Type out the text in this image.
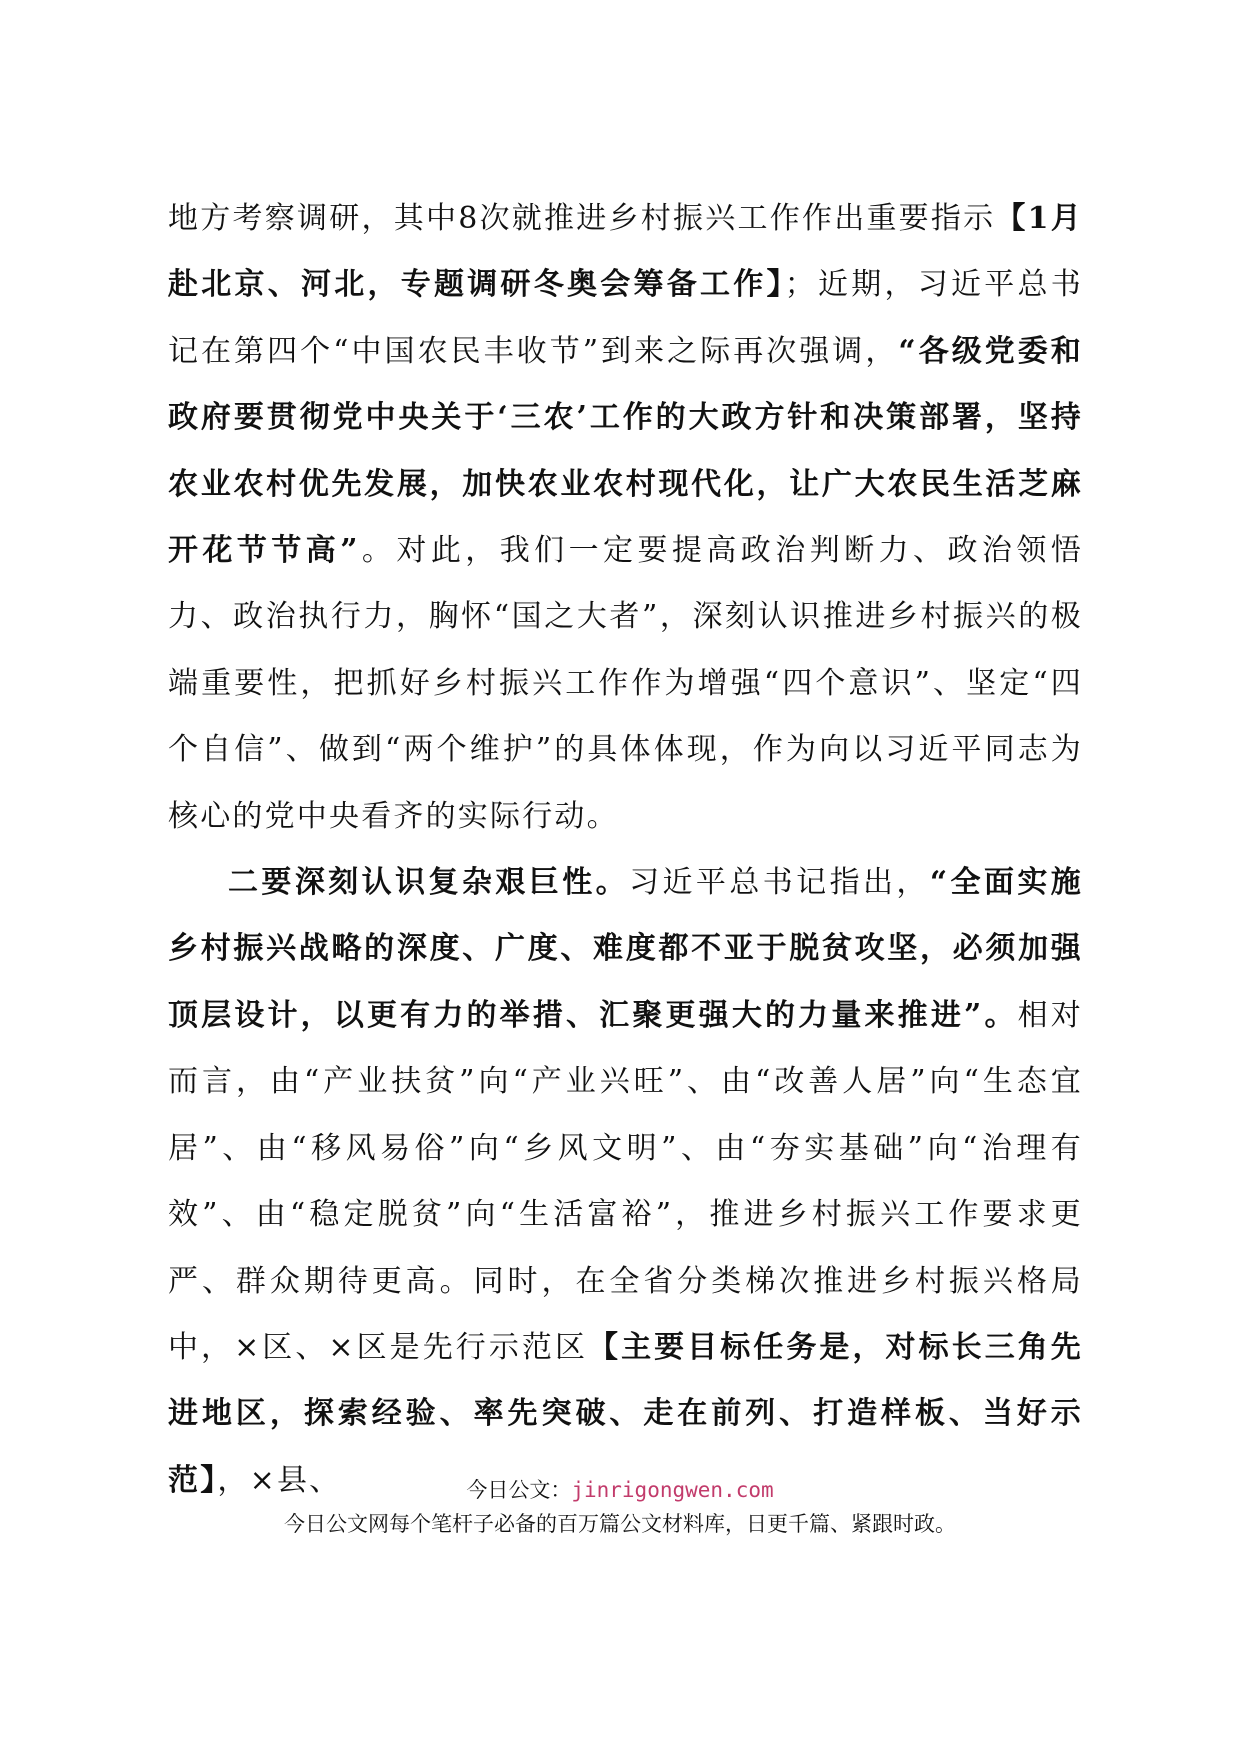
地方考察调研，其中8次就推进乡村振兴工作作出重要指示【1月赴北京、河北，专题调研冬奥会筹备工作】；近期，习近平总书记在第四个“中国农民丰收节”到来之际再次强调，“各级党委和政府要贯彻党中央关于‘三农’工作的大政方针和决策部署，坚持农业农村优先发展，加快农业农村现代化，让广大农民生活芝麻开花节节高”。对此，我们一定要提高政治判断力、政治领悟力、政治执行力，胸怀“国之大者”，深刻认识推进乡村振兴的极端重要性，把抓好乡村振兴工作作为增强“四个意识”、坚定“四个自信”、做到“两个维护”的具体体现，作为向以习近平同志为核心的党中央看齐的实际行动。

二要深刻认识复杂艰巨性。习近平总书记指出，“全面实施乡村振兴战略的深度、广度、难度都不亚于脱贫攻坚，必须加强顶层设计，以更有力的举措、汇聚更强大的力量来推进”。相对而言，由“产业扶贫”向“产业兴旺”、由“改善人居”向“生态宜居”、由“移风易俗”向“乡风文明”、由“夯实基础”向“治理有效”、由“稳定脱贫”向“生活富裕”，推进乡村振兴工作要求更严、群众期待更高。同时，在全省分类梯次推进乡村振兴格局中，×区、×区是先行示范区【主要目标任务是，对标长三角先进地区，探索经验、率先突破、走在前列、打造样板、当好示范】，×县、	今日公文：jinrigongwen.com
今日公文网每个笔杆子必备的百万篇公文材料库，日更千篇、紧跟时政。
